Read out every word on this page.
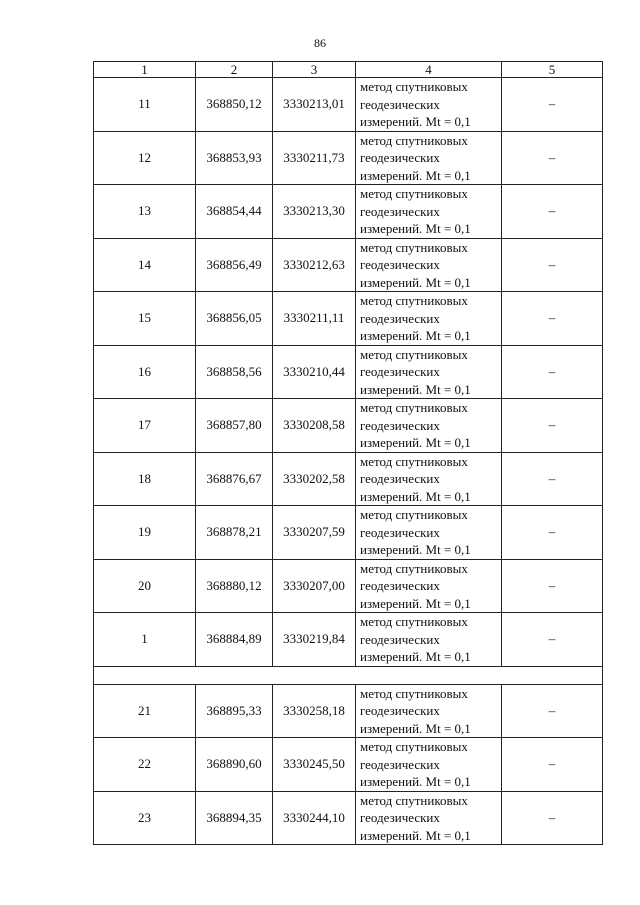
86
1	2	3	4	5
11	368850,12	3330213,01	метод спутниковых
геодезических
измерений. Mt = 0,1	–
12	368853,93	3330211,73	метод спутниковых
геодезических
измерений. Mt = 0,1	–
13	368854,44	3330213,30	метод спутниковых
геодезических
измерений. Mt = 0,1	–
14	368856,49	3330212,63	метод спутниковых
геодезических
измерений. Mt = 0,1	–
15	368856,05	3330211,11	метод спутниковых
геодезических
измерений. Mt = 0,1	–
16	368858,56	3330210,44	метод спутниковых
геодезических
измерений. Mt = 0,1	–
17	368857,80	3330208,58	метод спутниковых
геодезических
измерений. Mt = 0,1	–
18	368876,67	3330202,58	метод спутниковых
геодезических
измерений. Mt = 0,1	–
19	368878,21	3330207,59	метод спутниковых
геодезических
измерений. Mt = 0,1	–
20	368880,12	3330207,00	метод спутниковых
геодезических
измерений. Mt = 0,1	–
1	368884,89	3330219,84	метод спутниковых
геодезических
измерений. Mt = 0,1	–

21	368895,33	3330258,18	метод спутниковых
геодезических
измерений. Mt = 0,1	–
22	368890,60	3330245,50	метод спутниковых
геодезических
измерений. Mt = 0,1	–
23	368894,35	3330244,10	метод спутниковых
геодезических
измерений. Mt = 0,1	–
